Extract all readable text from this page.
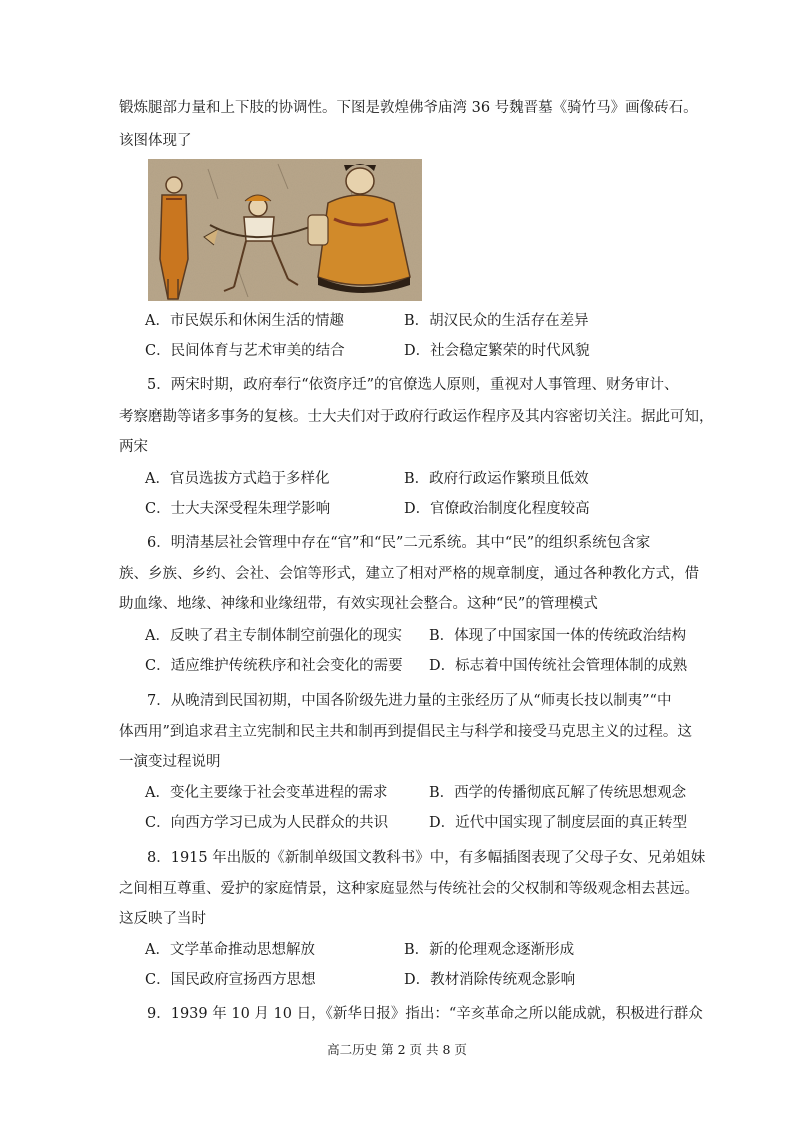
锻炼腿部力量和上下肢的协调性。下图是敦煌佛爷庙湾 36 号魏晋墓《骑竹马》画像砖石。
该图体现了
A．市民娱乐和休闲生活的情趣	B．胡汉民众的生活存在差异
C．民间体育与艺术审美的结合	D．社会稳定繁荣的时代风貌
5．两宋时期，政府奉行“依资序迁”的官僚选人原则，重视对人事管理、财务审计、
考察磨勘等诸多事务的复核。士大夫们对于政府行政运作程序及其内容密切关注。据此可知，
两宋
A．官员选拔方式趋于多样化	B．政府行政运作繁琐且低效
C．士大夫深受程朱理学影响	D．官僚政治制度化程度较高
6．明清基层社会管理中存在“官”和“民”二元系统。其中“民”的组织系统包含家
族、乡族、乡约、会社、会馆等形式，建立了相对严格的规章制度，通过各种教化方式，借
助血缘、地缘、神缘和业缘纽带，有效实现社会整合。这种“民”的管理模式
A．反映了君主专制体制空前强化的现实 B．体现了中国家国一体的传统政治结构
C．适应维护传统秩序和社会变化的需要 D．标志着中国传统社会管理体制的成熟
7．从晚清到民国初期，中国各阶级先进力量的主张经历了从“师夷长技以制夷”“中
体西用”到追求君主立宪制和民主共和制再到提倡民主与科学和接受马克思主义的过程。这
一演变过程说明
A．变化主要缘于社会变革进程的需求	B．西学的传播彻底瓦解了传统思想观念
C．向西方学习已成为人民群众的共识	D．近代中国实现了制度层面的真正转型
8．1915 年出版的《新制单级国文教科书》中，有多幅插图表现了父母子女、兄弟姐妹
之间相互尊重、爱护的家庭情景，这种家庭显然与传统社会的父权制和等级观念相去甚远。
这反映了当时
A．文学革命推动思想解放	B．新的伦理观念逐渐形成
C．国民政府宣扬西方思想	D．教材消除传统观念影响
9．1939 年 10 月 10 日，《新华日报》指出：“辛亥革命之所以能成就，积极进行群众
高二历史 第 2 页 共 8 页
